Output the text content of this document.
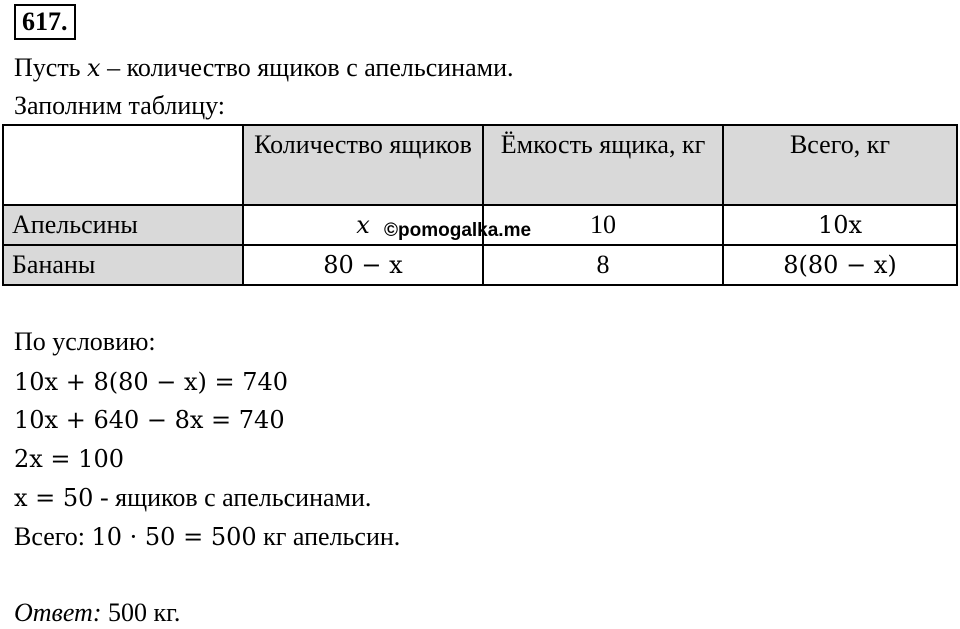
617.
Пусть x – количество ящиков с апельсинами.
Заполним таблицу:
	Количество ящиков	Ёмкость ящика, кг	Всего, кг
Апельсины	x	10	10x
Бананы	80 − x	8	8(80 − x)
©pomogalka.me
По условию:
10x + 8(80 − x) = 740
10x + 640 − 8x = 740
2x = 100
x = 50 - ящиков с апельсинами.
Всего: 10 · 50 = 500 кг апельсин.
Ответ: 500 кг.
